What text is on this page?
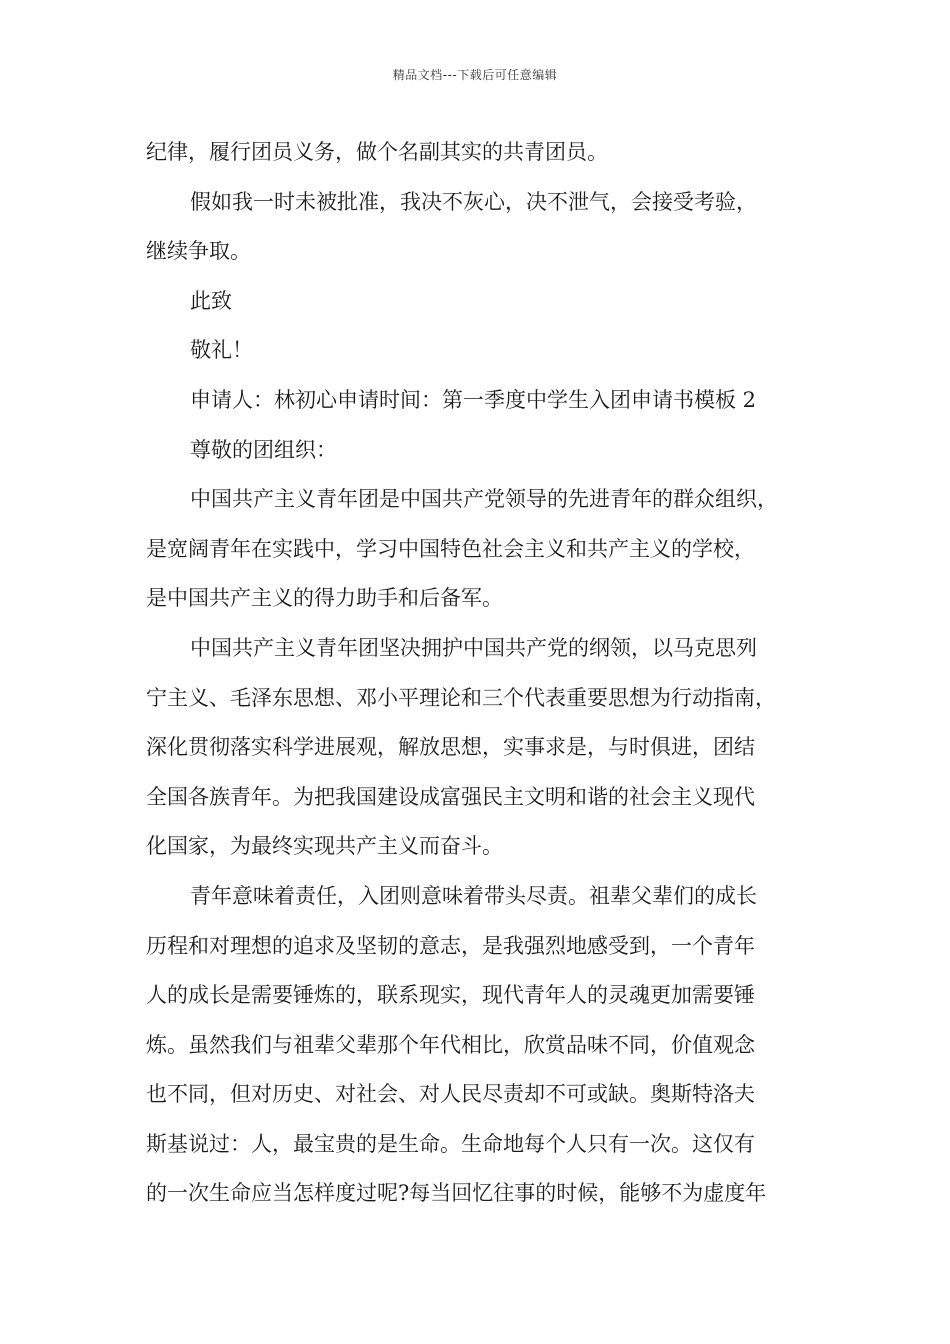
精品文档---下载后可任意编辑
纪律，履行团员义务，做个名副其实的共青团员。
假如我一时未被批准，我决不灰心，决不泄气，会接受考验，
继续争取。
此致
敬礼！
申请人：林初心申请时间：第一季度中学生入团申请书模板 2
尊敬的团组织：
中国共产主义青年团是中国共产党领导的先进青年的群众组织，
是宽阔青年在实践中，学习中国特色社会主义和共产主义的学校，
是中国共产主义的得力助手和后备军。
中国共产主义青年团坚决拥护中国共产党的纲领，以马克思列
宁主义、毛泽东思想、邓小平理论和三个代表重要思想为行动指南，
深化贯彻落实科学进展观，解放思想，实事求是，与时俱进，团结
全国各族青年。为把我国建设成富强民主文明和谐的社会主义现代
化国家，为最终实现共产主义而奋斗。
青年意味着责任，入团则意味着带头尽责。祖辈父辈们的成长
历程和对理想的追求及坚韧的意志，是我强烈地感受到，一个青年
人的成长是需要锤炼的，联系现实，现代青年人的灵魂更加需要锤
炼。虽然我们与祖辈父辈那个年代相比，欣赏品味不同，价值观念
也不同，但对历史、对社会、对人民尽责却不可或缺。奥斯特洛夫
斯基说过：人，最宝贵的是生命。生命地每个人只有一次。这仅有
的一次生命应当怎样度过呢?每当回忆往事的时候，能够不为虚度年
